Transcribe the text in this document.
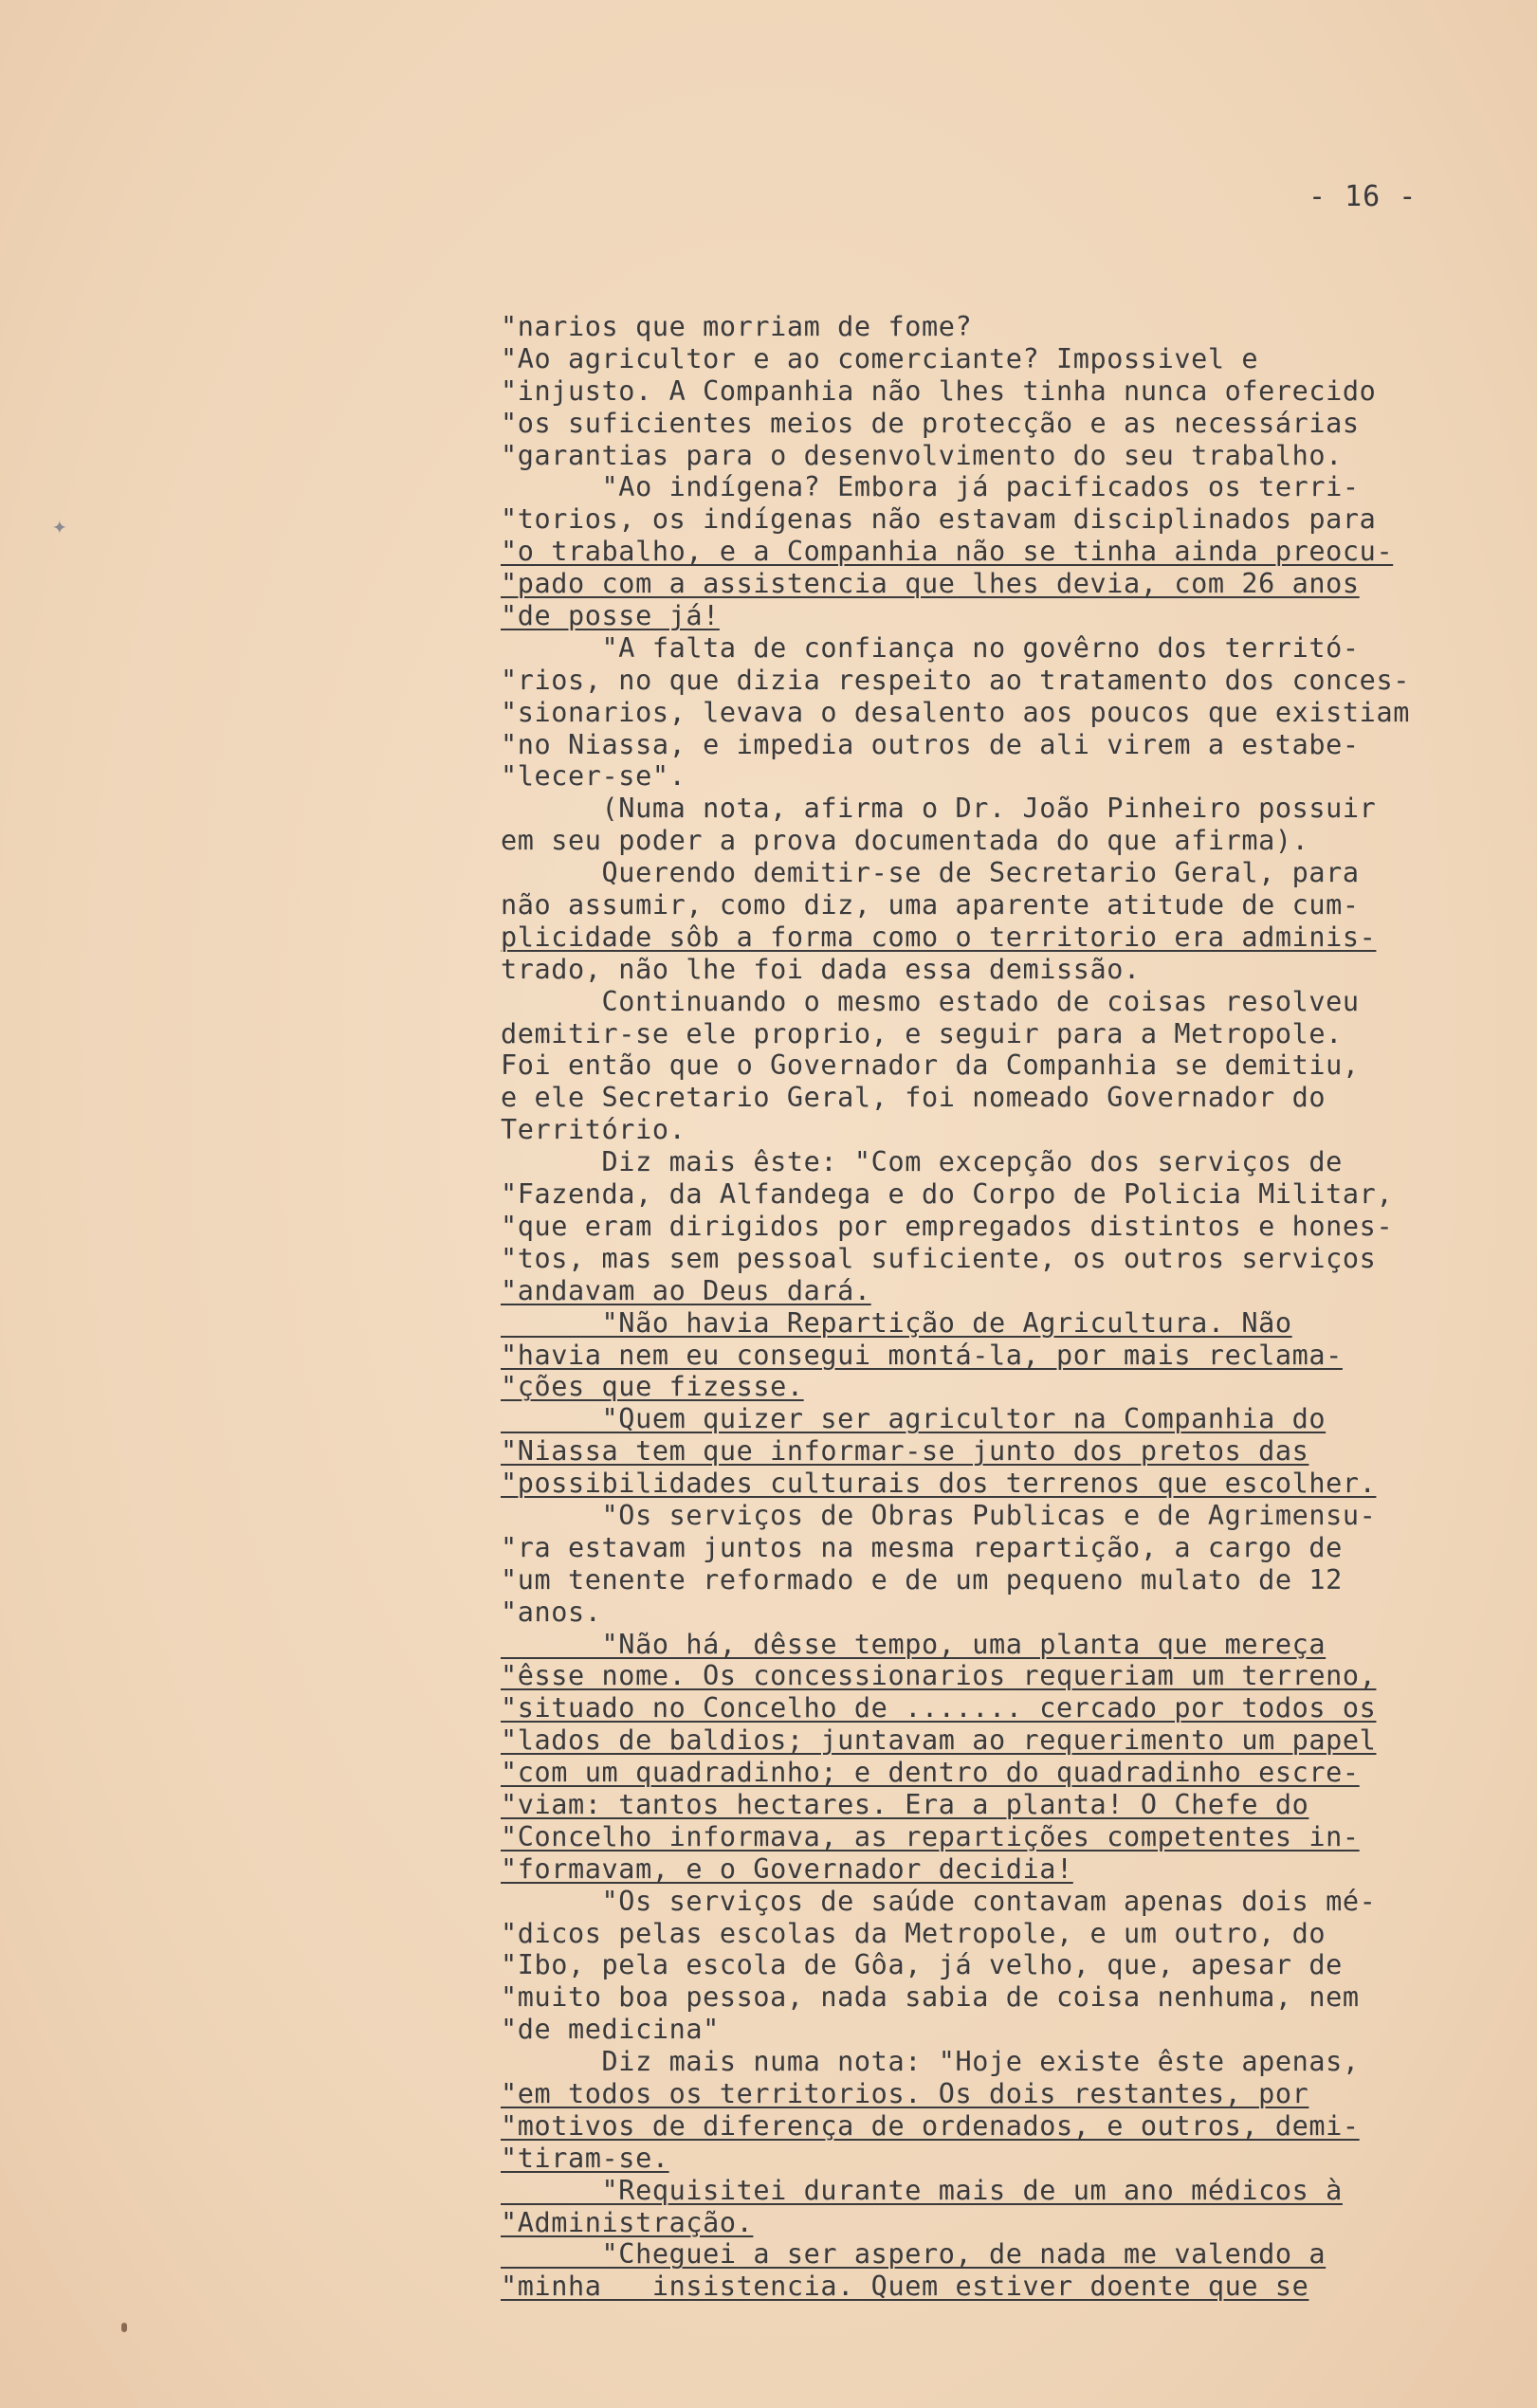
- 16 -
✦
"narios que morriam de fome?
"Ao agricultor e ao comerciante? Impossivel e
"injusto. A Companhia não lhes tinha nunca oferecido
"os suficientes meios de protecção e as necessárias
"garantias para o desenvolvimento do seu trabalho.
"Ao indígena? Embora já pacificados os terri-
"torios, os indígenas não estavam disciplinados para
"o trabalho, e a Companhia não se tinha ainda preocu-
"pado com a assistencia que lhes devia, com 26 anos
"de posse já!
"A falta de confiança no govêrno dos territó-
"rios, no que dizia respeito ao tratamento dos conces-
"sionarios, levava o desalento aos poucos que existiam
"no Niassa, e impedia outros de ali virem a estabe-
"lecer-se".
(Numa nota, afirma o Dr. João Pinheiro possuir
em seu poder a prova documentada do que afirma).
Querendo demitir-se de Secretario Geral, para
não assumir, como diz, uma aparente atitude de cum-
plicidade sôb a forma como o territorio era adminis-
trado, não lhe foi dada essa demissão.
Continuando o mesmo estado de coisas resolveu
demitir-se ele proprio, e seguir para a Metropole.
Foi então que o Governador da Companhia se demitiu,
e ele Secretario Geral, foi nomeado Governador do
Território.
Diz mais êste: "Com excepção dos serviços de
"Fazenda, da Alfandega e do Corpo de Policia Militar,
"que eram dirigidos por empregados distintos e hones-
"tos, mas sem pessoal suficiente, os outros serviços
"andavam ao Deus dará.
"Não havia Repartição de Agricultura. Não
"havia nem eu consegui montá-la, por mais reclama-
"ções que fizesse.
"Quem quizer ser agricultor na Companhia do
"Niassa tem que informar-se junto dos pretos das
"possibilidades culturais dos terrenos que escolher.
"Os serviços de Obras Publicas e de Agrimensu-
"ra estavam juntos na mesma repartição, a cargo de
"um tenente reformado e de um pequeno mulato de 12
"anos.
"Não há, dêsse tempo, uma planta que mereça
"êsse nome. Os concessionarios requeriam um terreno,
"situado no Concelho de ....... cercado por todos os
"lados de baldios; juntavam ao requerimento um papel
"com um quadradinho; e dentro do quadradinho escre-
"viam: tantos hectares. Era a planta! O Chefe do
"Concelho informava, as repartições competentes in-
"formavam, e o Governador decidia!
"Os serviços de saúde contavam apenas dois mé-
"dicos pelas escolas da Metropole, e um outro, do
"Ibo, pela escola de Gôa, já velho, que, apesar de
"muito boa pessoa, nada sabia de coisa nenhuma, nem
"de medicina"
Diz mais numa nota: "Hoje existe êste apenas,
"em todos os territorios. Os dois restantes, por
"motivos de diferença de ordenados, e outros, demi-
"tiram-se.
"Requisitei durante mais de um ano médicos à
"Administração.
"Cheguei a ser aspero, de nada me valendo a
"minha   insistencia. Quem estiver doente que se
